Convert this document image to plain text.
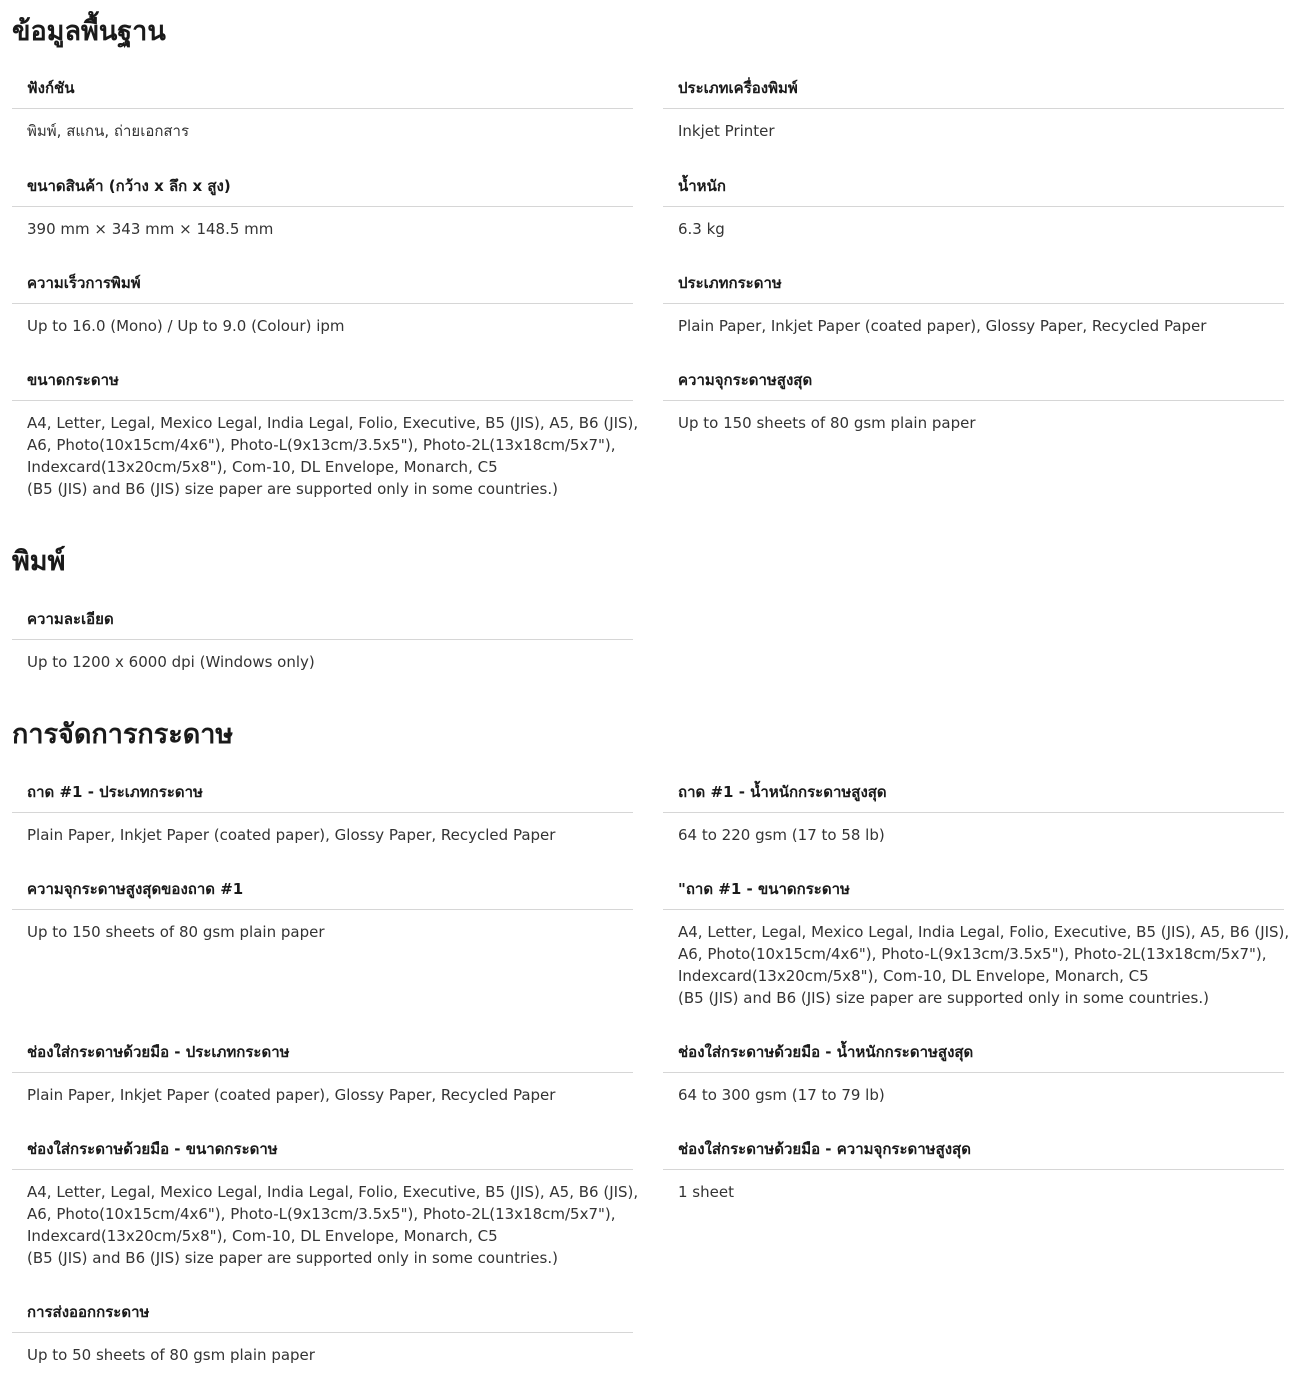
ข้อมูลพื้นฐาน
ฟังก์ชัน
พิมพ์, สแกน, ถ่ายเอกสาร
ประเภทเครื่องพิมพ์
Inkjet Printer
ขนาดสินค้า (กว้าง x ลึก x สูง)
390 mm × 343 mm × 148.5 mm
น้ำหนัก
6.3 kg
ความเร็วการพิมพ์
Up to 16.0 (Mono) / Up to 9.0 (Colour) ipm
ประเภทกระดาษ
Plain Paper, Inkjet Paper (coated paper), Glossy Paper, Recycled Paper
ขนาดกระดาษ
A4, Letter, Legal, Mexico Legal, India Legal, Folio, Executive, B5 (JIS), A5, B6 (JIS),
A6, Photo(10x15cm/4x6"), Photo-L(9x13cm/3.5x5"), Photo-2L(13x18cm/5x7"),
Indexcard(13x20cm/5x8"), Com-10, DL Envelope, Monarch, C5
(B5 (JIS) and B6 (JIS) size paper are supported only in some countries.)
ความจุกระดาษสูงสุด
Up to 150 sheets of 80 gsm plain paper
พิมพ์
ความละเอียด
Up to 1200 x 6000 dpi (Windows only)
การจัดการกระดาษ
ถาด #1 - ประเภทกระดาษ
Plain Paper, Inkjet Paper (coated paper), Glossy Paper, Recycled Paper
ถาด #1 - น้ำหนักกระดาษสูงสุด
64 to 220 gsm (17 to 58 lb)
ความจุกระดาษสูงสุดของถาด #1
Up to 150 sheets of 80 gsm plain paper
"ถาด #1 - ขนาดกระดาษ
A4, Letter, Legal, Mexico Legal, India Legal, Folio, Executive, B5 (JIS), A5, B6 (JIS),
A6, Photo(10x15cm/4x6"), Photo-L(9x13cm/3.5x5"), Photo-2L(13x18cm/5x7"),
Indexcard(13x20cm/5x8"), Com-10, DL Envelope, Monarch, C5
(B5 (JIS) and B6 (JIS) size paper are supported only in some countries.)
ช่องใส่กระดาษด้วยมือ - ประเภทกระดาษ
Plain Paper, Inkjet Paper (coated paper), Glossy Paper, Recycled Paper
ช่องใส่กระดาษด้วยมือ - น้ำหนักกระดาษสูงสุด
64 to 300 gsm (17 to 79 lb)
ช่องใส่กระดาษด้วยมือ - ขนาดกระดาษ
A4, Letter, Legal, Mexico Legal, India Legal, Folio, Executive, B5 (JIS), A5, B6 (JIS),
A6, Photo(10x15cm/4x6"), Photo-L(9x13cm/3.5x5"), Photo-2L(13x18cm/5x7"),
Indexcard(13x20cm/5x8"), Com-10, DL Envelope, Monarch, C5
(B5 (JIS) and B6 (JIS) size paper are supported only in some countries.)
ช่องใส่กระดาษด้วยมือ - ความจุกระดาษสูงสุด
1 sheet
การส่งออกกระดาษ
Up to 50 sheets of 80 gsm plain paper
